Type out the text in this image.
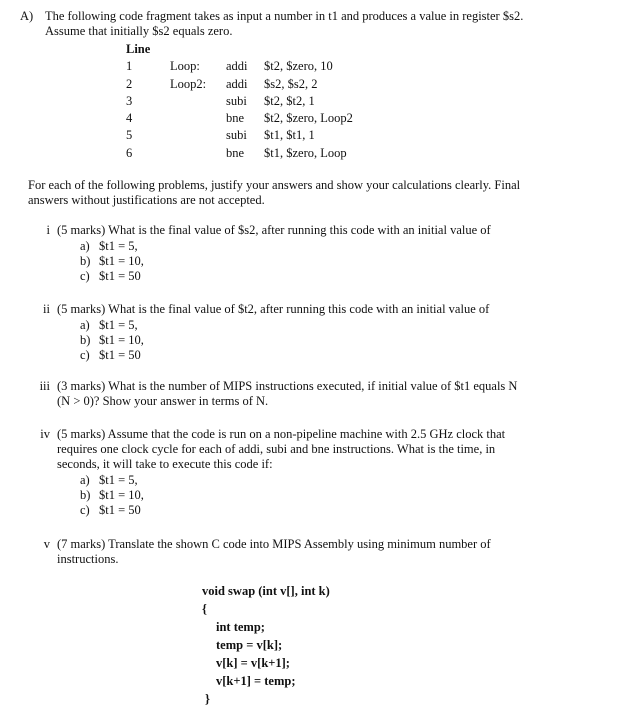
A) The following code fragment takes as input a number in t1 and produces a value in register $s2.
Assume that initially $s2 equals zero.
Line			
1	Loop:	addi	$t2, $zero, 10
2	Loop2:	addi	$s2, $s2, 2
3		subi	$t2, $t2, 1
4		bne	$t2, $zero, Loop2
5		subi	$t1, $t1, 1
6		bne	$t1, $zero, Loop
For each of the following problems, justify your answers and show your calculations clearly. Final
answers without justifications are not accepted.
i (5 marks) What is the final value of $s2, after running this code with an initial value of
a) $t1 = 5,
b) $t1 = 10,
c) $t1 = 50
ii (5 marks) What is the final value of $t2, after running this code with an initial value of
a) $t1 = 5,
b) $t1 = 10,
c) $t1 = 50
iii (3 marks) What is the number of MIPS instructions executed, if initial value of $t1 equals N
(N > 0)? Show your answer in terms of N.
iv (5 marks) Assume that the code is run on a non-pipeline machine with 2.5 GHz clock that
requires one clock cycle for each of addi, subi and bne instructions. What is the time, in
seconds, it will take to execute this code if:
a) $t1 = 5,
b) $t1 = 10,
c) $t1 = 50
v (7 marks) Translate the shown C code into MIPS Assembly using minimum number of
instructions.
void swap (int v[], int k)
{
int temp;
temp = v[k];
v[k] = v[k+1];
v[k+1] = temp;
}
